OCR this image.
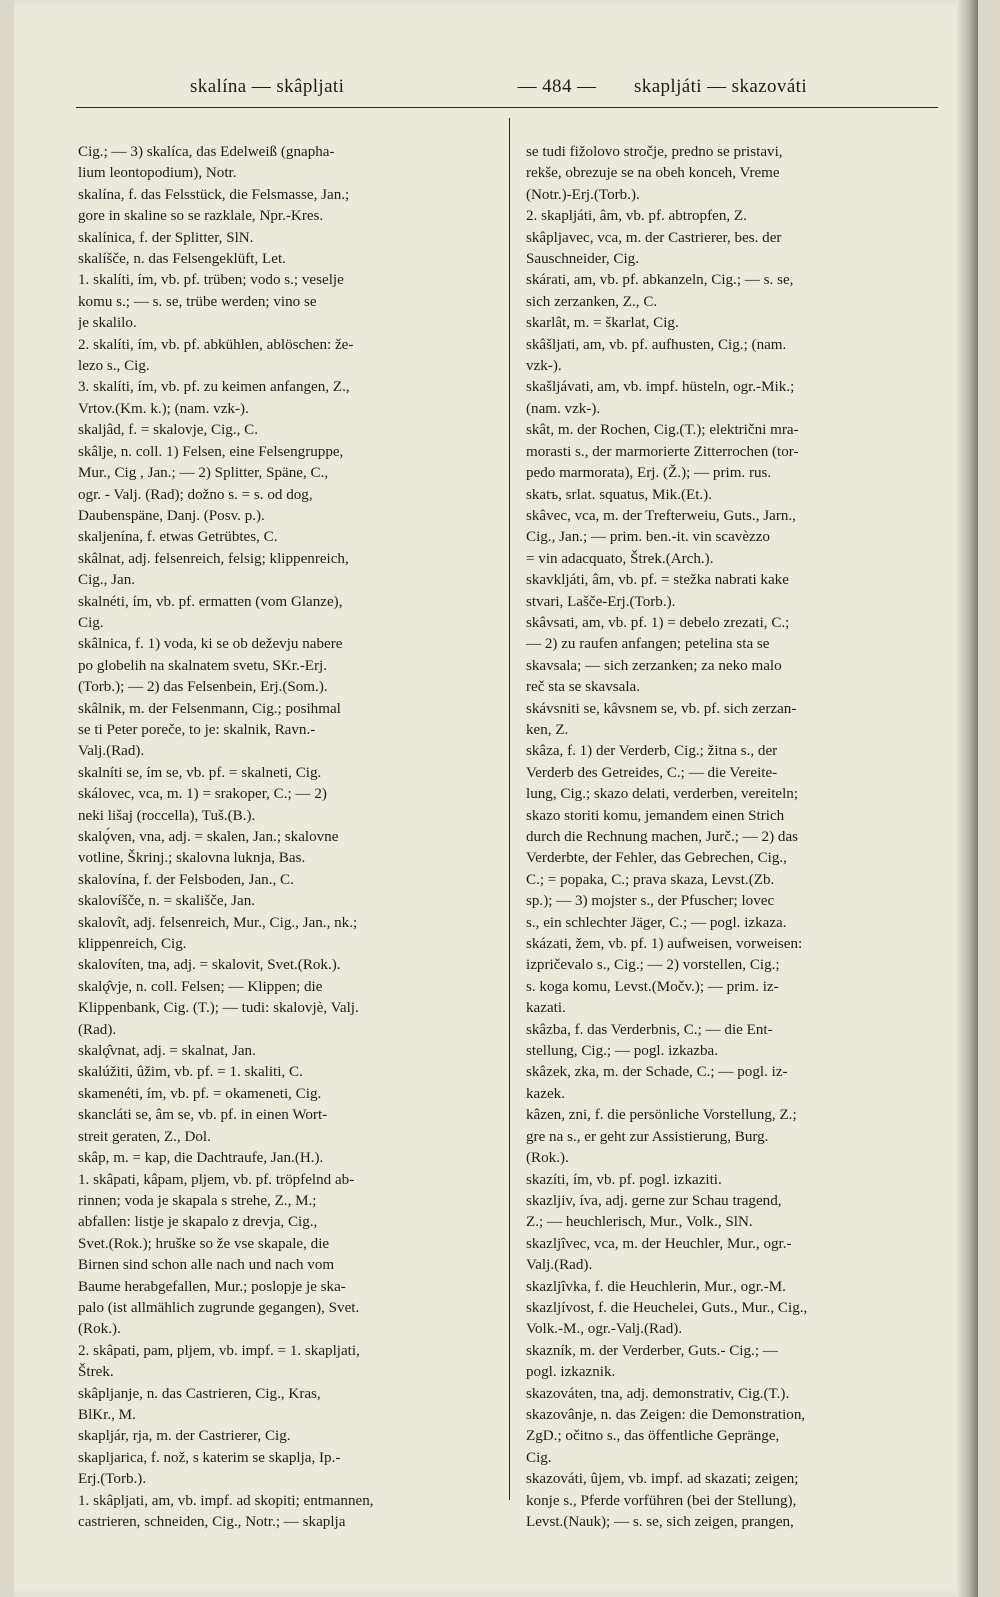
skalína — skâpljati	— 484 —	skapljáti — skazováti
Cig.; — 3) skalíca, das Edelweiß (gnapha-
lium leontopodium), Notr.
skalína, f. das Felsstück, die Felsmasse, Jan.;
gore in skaline so se razklale, Npr.-Kres.
skalínica, f. der Splitter, SlN.
skalíšče, n. das Felsengeklüft, Let.
1. skalíti, ím, vb. pf. trüben; vodo s.; veselje
komu s.; — s. se, trübe werden; vino se
je skalilo.
2. skalíti, ím, vb. pf. abkühlen, ablöschen: že-
lezo s., Cig.
3. skalíti, ím, vb. pf. zu keimen anfangen, Z.,
Vrtov.(Km. k.); (nam. vzk-).
skaljâd, f. = skalovje, Cig., C.
skâlje, n. coll. 1) Felsen, eine Felsengruppe,
Mur., Cig , Jan.; — 2) Splitter, Späne, C.,
ogr. - Valj. (Rad); dožno s. = s. od dog,
Daubenspäne, Danj. (Posv. p.).
skaljenína, f. etwas Getrübtes, C.
skâlnat, adj. felsenreich, felsig; klippenreich,
Cig., Jan.
skalnéti, ím, vb. pf. ermatten (vom Glanze),
Cig.
skâlnica, f. 1) voda, ki se ob deževju nabere
po globelih na skalnatem svetu, SKr.-Erj.
(Torb.); — 2) das Felsenbein, Erj.(Som.).
skâlnik, m. der Felsenmann, Cig.; posihmal
se ti Peter poreče, to je: skalnik, Ravn.-
Valj.(Rad).
skalníti se, ím se, vb. pf. = skalneti, Cig.
skálovec, vca, m. 1) = srakoper, C.; — 2)
neki lišaj (roccella), Tuš.(B.).
skalǫ́ven, vna, adj. = skalen, Jan.; skalovne
votline, Škrinj.; skalovna luknja, Bas.
skalovína, f. der Felsboden, Jan., C.
skalovíšče, n. = skališče, Jan.
skalovît, adj. felsenreich, Mur., Cig., Jan., nk.;
klippenreich, Cig.
skalovíten, tna, adj. = skalovit, Svet.(Rok.).
skalǫ̂vje, n. coll. Felsen; — Klippen; die
Klippenbank, Cig. (T.); — tudi: skalovjè, Valj.
(Rad).
skalǫ̂vnat, adj. = skalnat, Jan.
skalúžiti, ûžim, vb. pf. = 1. skaliti, C.
skamenéti, ím, vb. pf. = okameneti, Cig.
skancláti se, âm se, vb. pf. in einen Wort-
streit geraten, Z., Dol.
skâp, m. = kap, die Dachtraufe, Jan.(H.).
1. skâpati, kâpam, pljem, vb. pf. tröpfelnd ab-
rinnen; voda je skapala s strehe, Z., M.;
abfallen: listje je skapalo z drevja, Cig.,
Svet.(Rok.); hruške so že vse skapale, die
Birnen sind schon alle nach und nach vom
Baume herabgefallen, Mur.; poslopje je ska-
palo (ist allmählich zugrunde gegangen), Svet.
(Rok.).
2. skâpati, pam, pljem, vb. impf. = 1. skapljati,
Štrek.
skâpljanje, n. das Castrieren, Cig., Kras,
BlKr., M.
skapljár, rja, m. der Castrierer, Cig.
skapljarica, f. nož, s katerim se skaplja, Ip.-
Erj.(Torb.).
1. skâpljati, am, vb. impf. ad skopiti; entmannen,
castrieren, schneiden, Cig., Notr.; — skaplja
se tudi fižolovo stročje, predno se pristavi,
rekše, obrezuje se na obeh konceh, Vreme
(Notr.)-Erj.(Torb.).
2. skapljáti, âm, vb. pf. abtropfen, Z.
skâpljavec, vca, m. der Castrierer, bes. der
Sauschneider, Cig.
skárati, am, vb. pf. abkanzeln, Cig.; — s. se,
sich zerzanken, Z., C.
skarlât, m. = škarlat, Cig.
skâšljati, am, vb. pf. aufhusten, Cig.; (nam.
vzk-).
skašljávati, am, vb. impf. hüsteln, ogr.-Mik.;
(nam. vzk-).
skât, m. der Rochen, Cig.(T.); električni mra-
morasti s., der marmorierte Zitterrochen (tor-
pedo marmorata), Erj. (Ž.); — prim. rus.
skatъ, srlat. squatus, Mik.(Et.).
skâvec, vca, m. der Trefterweiu, Guts., Jarn.,
Cig., Jan.; — prim. ben.-it. vin scavèzzo
= vin adacquato, Štrek.(Arch.).
skavkljáti, âm, vb. pf. = stežka nabrati kake
stvari, Lašče-Erj.(Torb.).
skâvsati, am, vb. pf. 1) = debelo zrezati, C.;
— 2) zu raufen anfangen; petelina sta se
skavsala; — sich zerzanken; za neko malo
reč sta se skavsala.
skávsniti se, kâvsnem se, vb. pf. sich zerzan-
ken, Z.
skâza, f. 1) der Verderb, Cig.; žitna s., der
Verderb des Getreides, C.; — die Vereite-
lung, Cig.; skazo delati, verderben, vereiteln;
skazo storiti komu, jemandem einen Strich
durch die Rechnung machen, Jurč.; — 2) das
Verderbte, der Fehler, das Gebrechen, Cig.,
C.; = popaka, C.; prava skaza, Levst.(Zb.
sp.); — 3) mojster s., der Pfuscher; lovec
s., ein schlechter Jäger, C.; — pogl. izkaza.
skázati, žem, vb. pf. 1) aufweisen, vorweisen:
izpričevalo s., Cig.; — 2) vorstellen, Cig.;
s. koga komu, Levst.(Močv.); — prim. iz-
kazati.
skâzba, f. das Verderbnis, C.; — die Ent-
stellung, Cig.; — pogl. izkazba.
skâzek, zka, m. der Schade, C.; — pogl. iz-
kazek.
kâzen, zni, f. die persönliche Vorstellung, Z.;
gre na s., er geht zur Assistierung, Burg.
(Rok.).
skazíti, ím, vb. pf. pogl. izkaziti.
skazljiv, íva, adj. gerne zur Schau tragend,
Z.; — heuchlerisch, Mur., Volk., SlN.
skazljîvec, vca, m. der Heuchler, Mur., ogr.-
Valj.(Rad).
skazljîvka, f. die Heuchlerin, Mur., ogr.-M.
skazljívost, f. die Heuchelei, Guts., Mur., Cig.,
Volk.-M., ogr.-Valj.(Rad).
skazník, m. der Verderber, Guts.- Cig.; —
pogl. izkaznik.
skazováten, tna, adj. demonstrativ, Cig.(T.).
skazovânje, n. das Zeigen: die Demonstration,
ZgD.; očitno s., das öffentliche Gepränge,
Cig.
skazováti, ûjem, vb. impf. ad skazati; zeigen;
konje s., Pferde vorführen (bei der Stellung),
Levst.(Nauk); — s. se, sich zeigen, prangen,
